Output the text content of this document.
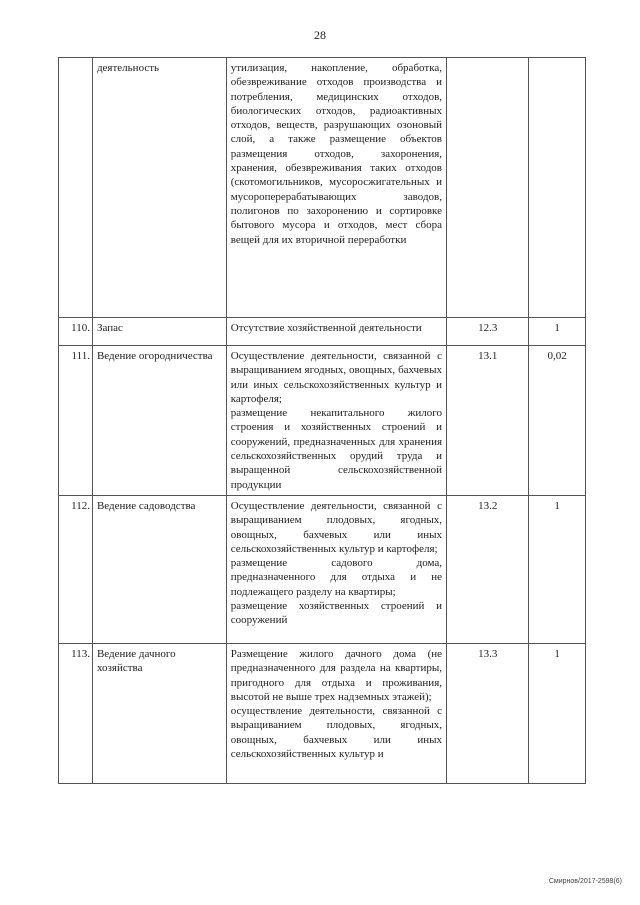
28
	деятельность	утилизация, накопление, обработка, обезвреживание отходов производства и потребления, медицинских отходов, биологических отходов, радиоактивных отходов, веществ, разрушающих озоновый слой, а также размещение объектов размещения отходов, захоронения, хранения, обезвреживания таких отходов (скотомогильников, мусоросжигательных и мусороперерабатывающих заводов, полигонов по захоронению и сортировке бытового мусора и отходов, мест сбора вещей для их вторичной переработки		

110.	Запас	Отсутствие хозяйственной деятельности	12.3	1
111.	Ведение огородничества	Осуществление деятельности, связанной с выращиванием ягодных, овощных, бахчевых или иных сельскохозяйственных культур и картофеля;
размещение некапитального жилого строения и хозяйственных строений и сооружений, предназначенных для хранения сельскохозяйственных орудий труда и выращенной сельскохозяйственной продукции	13.1	0,02
112.	Ведение садоводства	Осуществление деятельности, связанной с выращиванием плодовых, ягодных, овощных, бахчевых или иных сельскохозяйственных культур и картофеля;
размещение садового дома, предназначенного для отдыха и не подлежащего разделу на квартиры;
размещение хозяйственных строений и сооружений	13.2	1
113.	Ведение дачного хозяйства	Размещение жилого дачного дома (не предназначенного для раздела на квартиры, пригодного для отдыха и проживания, высотой не выше трех надземных этажей);
осуществление деятельности, связанной с выращиванием плодовых, ягодных, овощных, бахчевых или иных сельскохозяйственных культур и	13.3	1
Смирнов/2017-2598(6)
